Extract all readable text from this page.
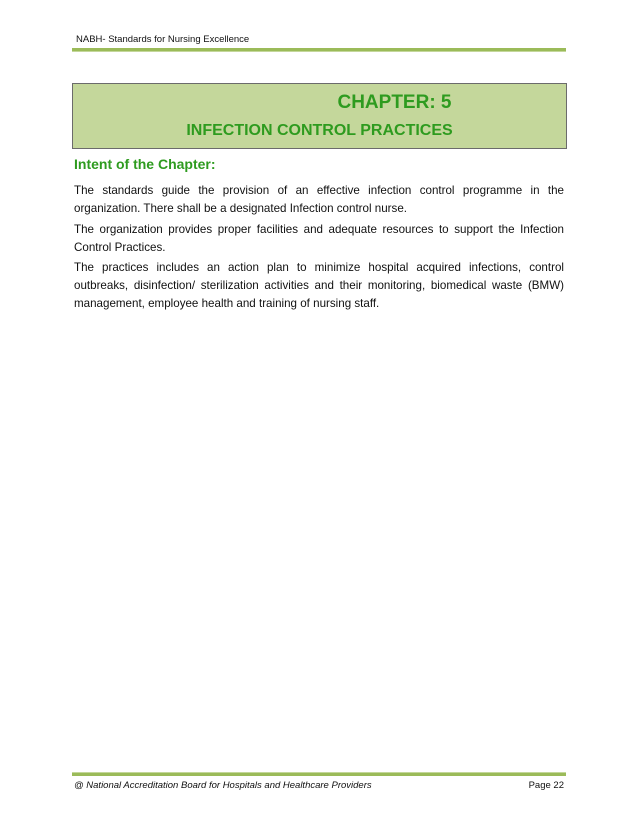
NABH- Standards for Nursing Excellence
CHAPTER: 5
INFECTION CONTROL PRACTICES
Intent of the Chapter:

The standards guide the provision of an effective infection control programme in the organization. There shall be a designated Infection control nurse.

The organization provides proper facilities and adequate resources to support the Infection Control Practices.

The practices includes an action plan to minimize hospital acquired infections, control outbreaks, disinfection/ sterilization activities and their monitoring, biomedical waste (BMW) management, employee health and training of nursing staff.

@ National Accreditation Board for Hospitals and Healthcare Providers	Page 22
